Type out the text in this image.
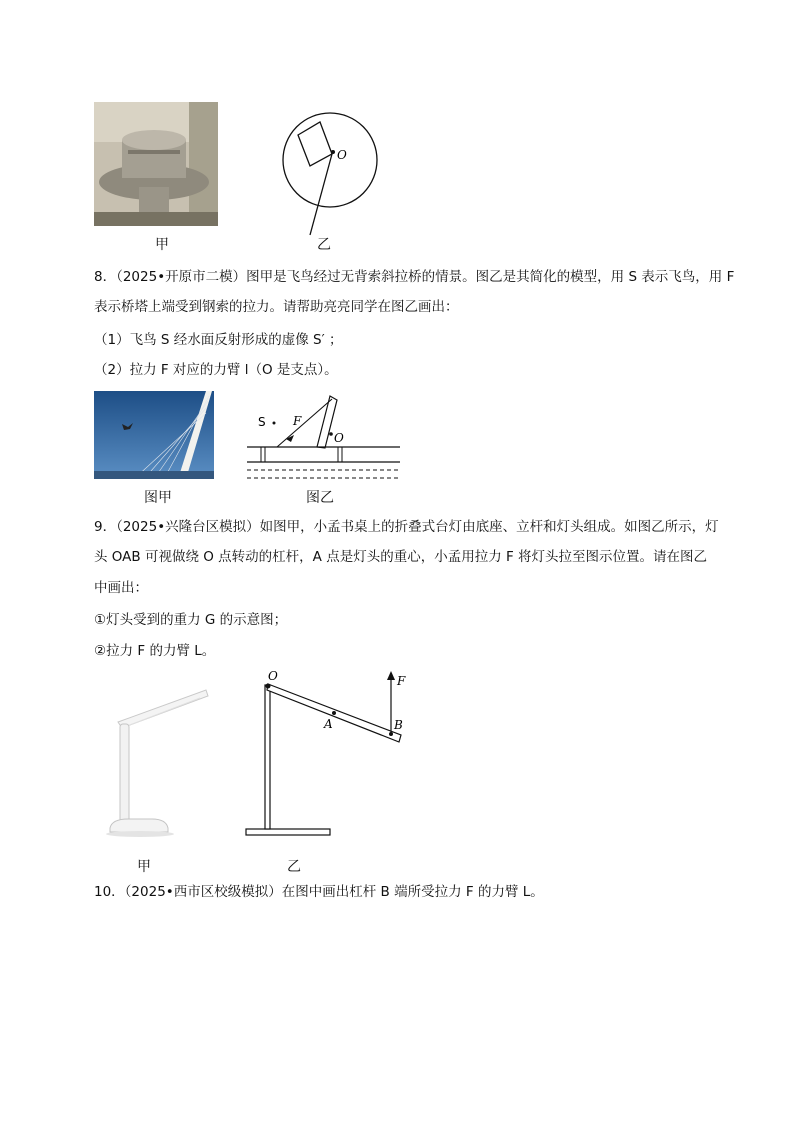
甲
O
乙
8．（2025•开原市二模）图甲是飞鸟经过无背索斜拉桥的情景。图乙是其简化的模型，用 S 表示飞鸟，用 F
表示桥塔上端受到钢索的拉力。请帮助亮亮同学在图乙画出：
（1）飞鸟 S 经水面反射形成的虚像 S′ ；
（2）拉力 F 对应的力臂 l（O 是支点）。
图甲
O
F
S
图乙
9．（2025•兴隆台区模拟）如图甲，小孟书桌上的折叠式台灯由底座、立杆和灯头组成。如图乙所示，灯
头 OAB 可视做绕 O 点转动的杠杆，A 点是灯头的重心，小孟用拉力 F 将灯头拉至图示位置。请在图乙
中画出：
①灯头受到的重力 G 的示意图；
②拉力 F 的力臂 L。
甲
O
A	B
F
乙
10．（2025•西市区校级模拟）在图中画出杠杆 B 端所受拉力 F 的力臂 L。
